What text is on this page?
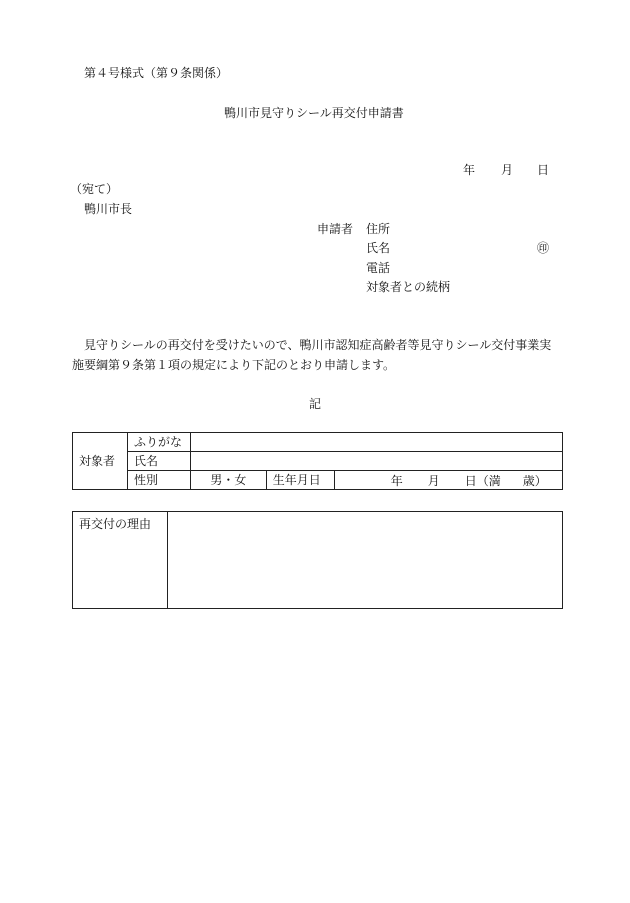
第４号様式（第９条関係）
鴨川市見守りシール再交付申請書
年 月 日
（宛て）
鴨川市長
申請者 住所
氏名	㊞
電話
対象者との続柄
見守りシールの再交付を受けたいので、鴨川市認知症高齢者等見守りシール交付事業実
施要綱第９条第１項の規定により下記のとおり申請します。
記
対象者	ふりがな			
	氏名			
	性別	男・女	生年月日	年 月 日（満 歳）
再交付の理由	
